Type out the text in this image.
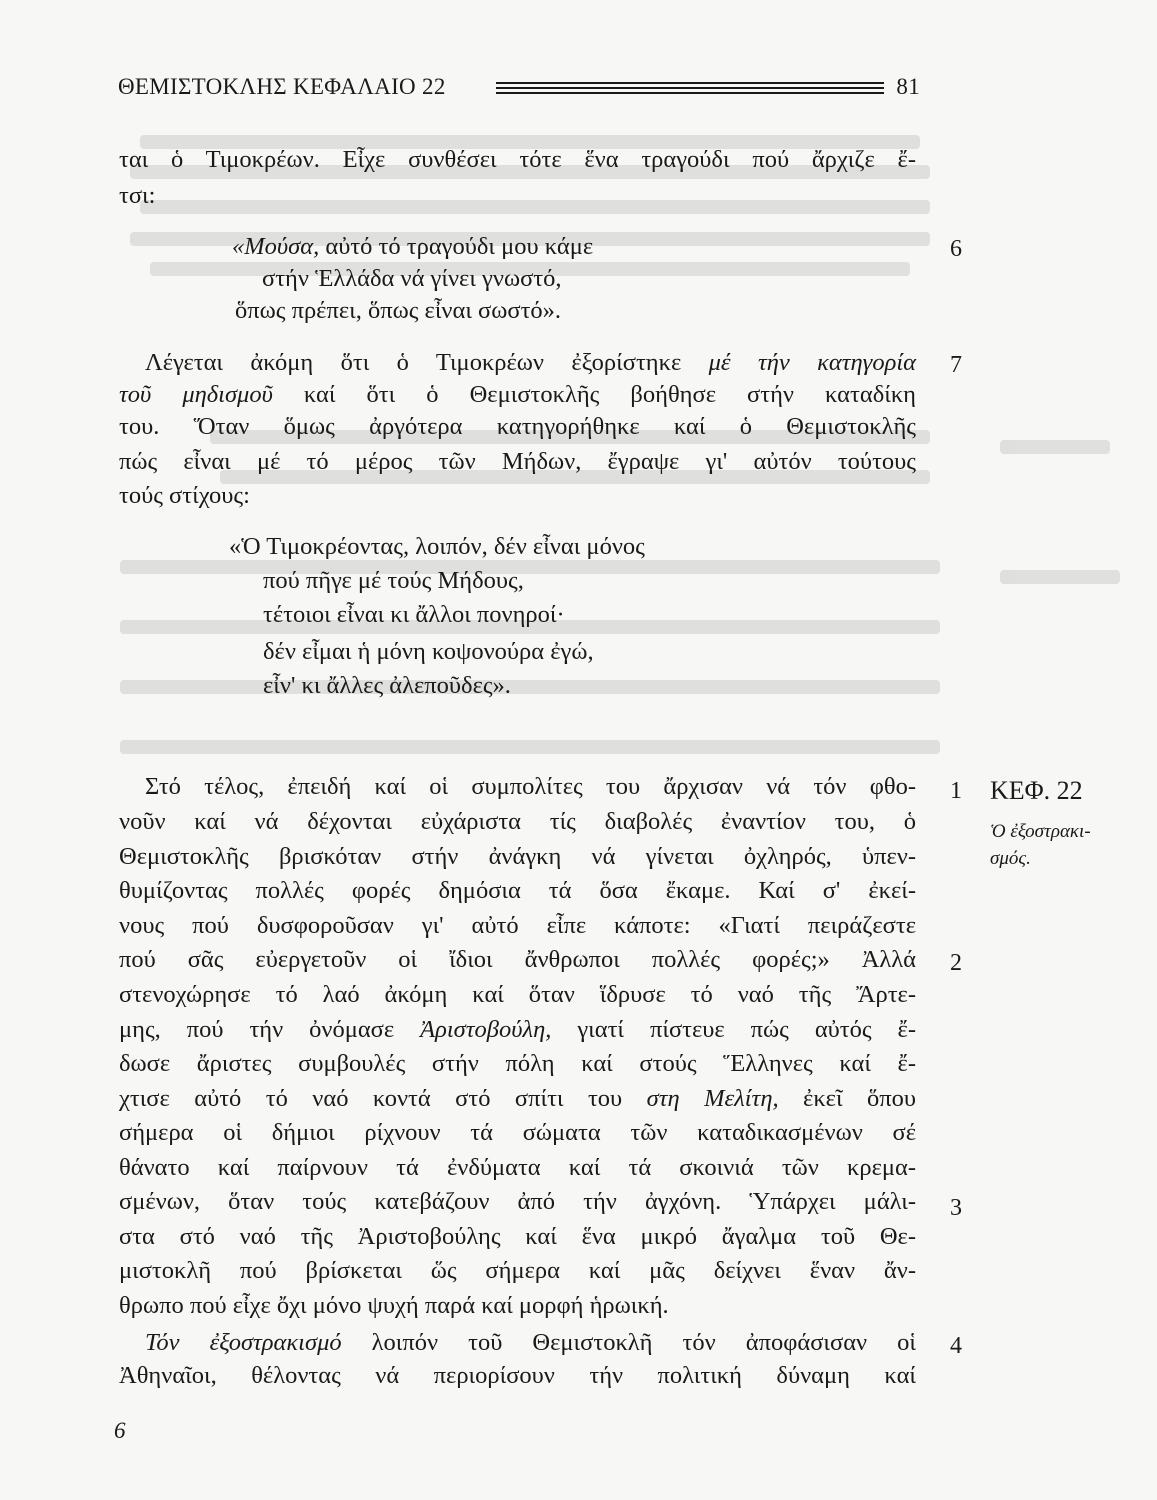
ΘΕΜΙΣΤΟΚΛΗΣ ΚΕΦΑΛΑΙΟ 22	81
ται ὁ Τιμοκρέων. Εἶχε συνθέσει τότε ἕνα τραγούδι πού ἄρχιζε ἔ-
τσι:
«Μούσα, αὐτό τό τραγούδι μου κάμε
στήν Ἑλλάδα νά γίνει γνωστό,
ὅπως πρέπει, ὅπως εἶναι σωστό».
6
Λέγεται ἀκόμη ὅτι ὁ Τιμοκρέων ἐξορίστηκε μέ τήν κατηγορία 7
τοῦ μηδισμοῦ καί ὅτι ὁ Θεμιστοκλῆς βοήθησε στήν καταδίκη
του. Ὅταν ὅμως ἀργότερα κατηγορήθηκε καί ὁ Θεμιστοκλῆς
πώς εἶναι μέ τό μέρος τῶν Μήδων, ἔγραψε γι' αὐτόν τούτους
τούς στίχους:
«Ὁ Τιμοκρέοντας, λοιπόν, δέν εἶναι μόνος
πού πῆγε μέ τούς Μήδους,
τέτοιοι εἶναι κι ἄλλοι πονηροί·
δέν εἶμαι ἡ μόνη κοψονούρα ἐγώ,
εἶν' κι ἄλλες ἀλεποῦδες».
Στό τέλος, ἐπειδή καί οἱ συμπολίτες του ἄρχισαν νά τόν φθο- 1
νοῦν καί νά δέχονται εὐχάριστα τίς διαβολές ἐναντίον του, ὁ
Θεμιστοκλῆς βρισκόταν στήν ἀνάγκη νά γίνεται ὀχληρός, ὑπεν-
θυμίζοντας πολλές φορές δημόσια τά ὅσα ἔκαμε. Καί σ' ἐκεί-
νους πού δυσφοροῦσαν γι' αὐτό εἶπε κάποτε: «Γιατί πειράζεστε
πού σᾶς εὐεργετοῦν οἱ ἴδιοι ἄνθρωποι πολλές φορές;» Ἀλλά 2
στενοχώρησε τό λαό ἀκόμη καί ὅταν ἵδρυσε τό ναό τῆς Ἄρτε-
μης, πού τήν ὀνόμασε Ἀριστοβούλη, γιατί πίστευε πώς αὐτός ἔ-
δωσε ἄριστες συμβουλές στήν πόλη καί στούς Ἕλληνες καί ἔ-
χτισε αὐτό τό ναό κοντά στό σπίτι του στη Μελίτη, ἐκεῖ ὅπου
σήμερα οἱ δήμιοι ρίχνουν τά σώματα τῶν καταδικασμένων σέ
θάνατο καί παίρνουν τά ἐνδύματα καί τά σκοινιά τῶν κρεμα-
σμένων, ὅταν τούς κατεβάζουν ἀπό τήν ἀγχόνη. Ὑπάρχει μάλι- 3
στα στό ναό τῆς Ἀριστοβούλης καί ἕνα μικρό ἄγαλμα τοῦ Θε-
μιστοκλῆ πού βρίσκεται ὥς σήμερα καί μᾶς δείχνει ἕναν ἄν-
θρωπο πού εἶχε ὄχι μόνο ψυχή παρά καί μορφή ἡρωική.
Τόν ἐξοστρακισμό λοιπόν τοῦ Θεμιστοκλῆ τόν ἀποφάσισαν οἱ 4
Ἀθηναῖοι, θέλοντας νά περιορίσουν τήν πολιτική δύναμη καί
ΚΕΦ. 22
Ὁ ἐξοστρακι-
σμός.
6
